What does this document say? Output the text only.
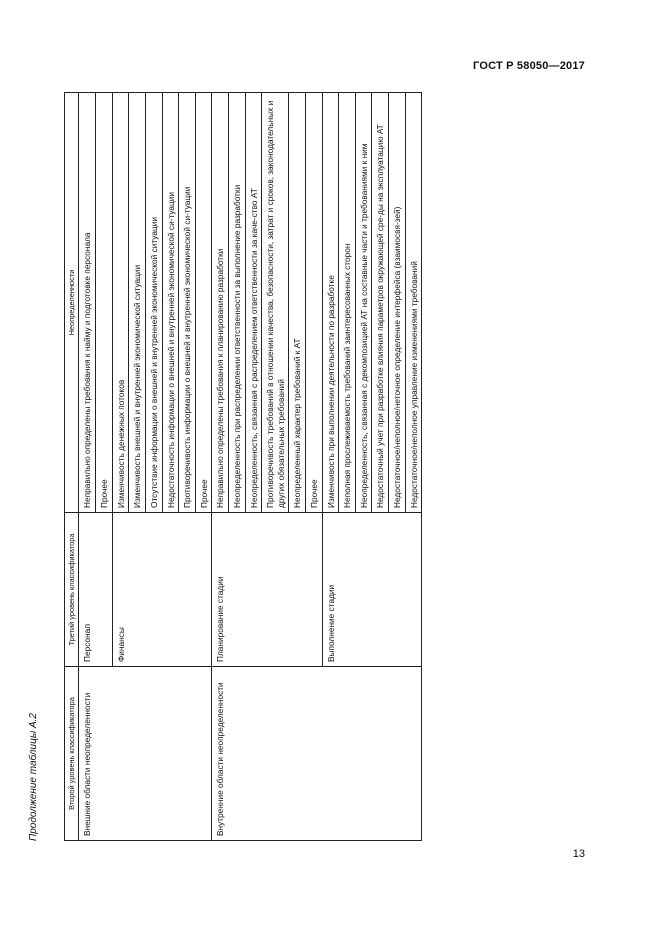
ГОСТ Р 58050—2017
Продолжение таблицы А.2	Второй уровень классификатора	Третий уровень классификатора	Неопределенности
Внешние области неопределенности	Персонал	Неправильно определены требования к найму и подготовке персонала
		Прочее
	Финансы	Изменчивость денежных потоков
		Изменчивость внешней и внутренней экономической ситуации
		Отсутствие информации о внешней и внутренней экономической ситуации
		Недостаточность информации о внешней и внутренней экономической си-туации
		Противоречивость информации о внешней и внутренней экономической си-туации
		Прочее
Внутренние области неопределенности	Планирование стадии	Неправильно определены требования к планированию разработки
		Неопределенность при распределении ответственности за выполнение разработки
		Неопределенность, связанная с распределением ответственности за каче-ство АТ
		Противоречивость требований в отношении качества, безопасности, затрат и сроков, законодательных и других обязательных требований
		Неопределенный характер требований к АТ
		Прочее
	Выполнение стадии	Изменчивость при выполнении деятельности по разработке
		Неполная прослеживаемость требований заинтересованных сторон
		Неопределенность, связанная с декомпозицией АТ на составные части и требованиями к ним
		Недостаточный учет при разработке влияния параметров окружающей сре-ды на эксплуатацию АТ
		Недостаточное/неполное/неточное определение интерфейса (взаимосвя-зей)
		Недостаточное/неполное управление изменениями требований
13
